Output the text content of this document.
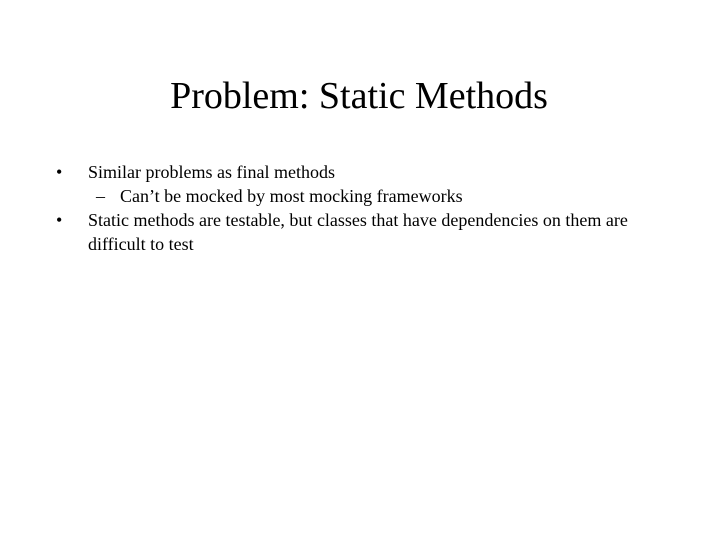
Problem: Static Methods
•	Similar problems as final methods
– Can’t be mocked by most mocking frameworks
•	Static methods are testable, but classes that have dependencies on them are difficult to test
